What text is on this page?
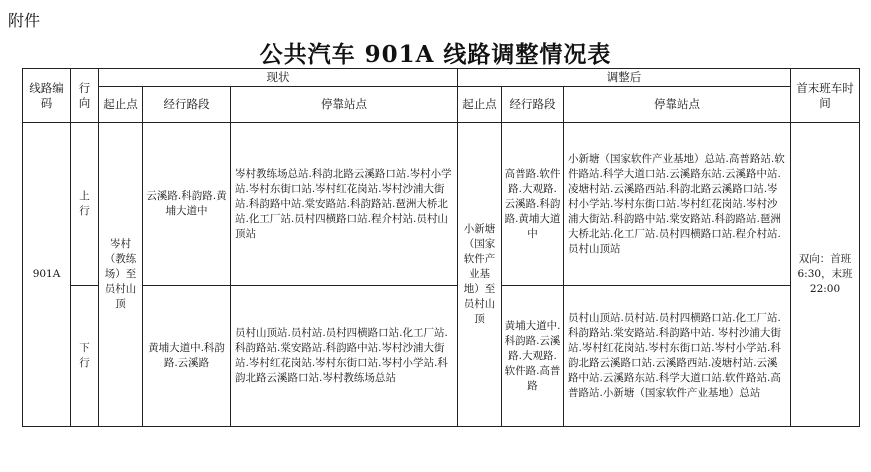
附件
公共汽车 901A 线路调整情况表
线路编码	行向	现状			调整后			首末班车时间
		起止点	经行路段	停靠站点	起止点	经行路段	停靠站点	
901A	上行	岑村（教练场）至员村山顶	云溪路.科韵路.黄埔大道中	岑村教练场总站.科韵北路云溪路口站.岑村小学站.岑村东街口站.岑村红花岗站.岑村沙浦大街站.科韵路中站.棠安路站.科韵路站.琶洲大桥北站.化工厂站.员村四横路口站.程介村站.员村山顶站	小新塘（国家软件产业基地）至员村山顶	高普路.软件路.大观路.云溪路.科韵路.黄埔大道中	小新塘（国家软件产业基地）总站.高普路站.软件路站.科学大道口站.云溪路东站.云溪路中站.凌塘村站.云溪路西站.科韵北路云溪路口站.岑村小学站.岑村东街口站.岑村红花岗站.岑村沙浦大街站.科韵路中站.棠安路站.科韵路站.琶洲大桥北站.化工厂站.员村四横路口站.程介村站.员村山顶站	双向：首班 6:30，末班 22:00
	下行		黄埔大道中.科韵路.云溪路	员村山顶站.员村站.员村四横路口站.化工厂站.科韵路站.棠安路站.科韵路中站.岑村沙浦大街站.岑村红花岗站.岑村东街口站.岑村小学站.科韵北路云溪路口站.岑村教练场总站		黄埔大道中.科韵路.云溪路.大观路.软件路.高普路	员村山顶站.员村站.员村四横路口站.化工厂站.科韵路站.棠安路站.科韵路中站. 岑村沙浦大街站.岑村红花岗站.岑村东街口站.岑村小学站.科韵北路云溪路口站.云溪路西站.凌塘村站.云溪路中站.云溪路东站.科学大道口站.软件路站.高普路站.小新塘（国家软件产业基地）总站	
